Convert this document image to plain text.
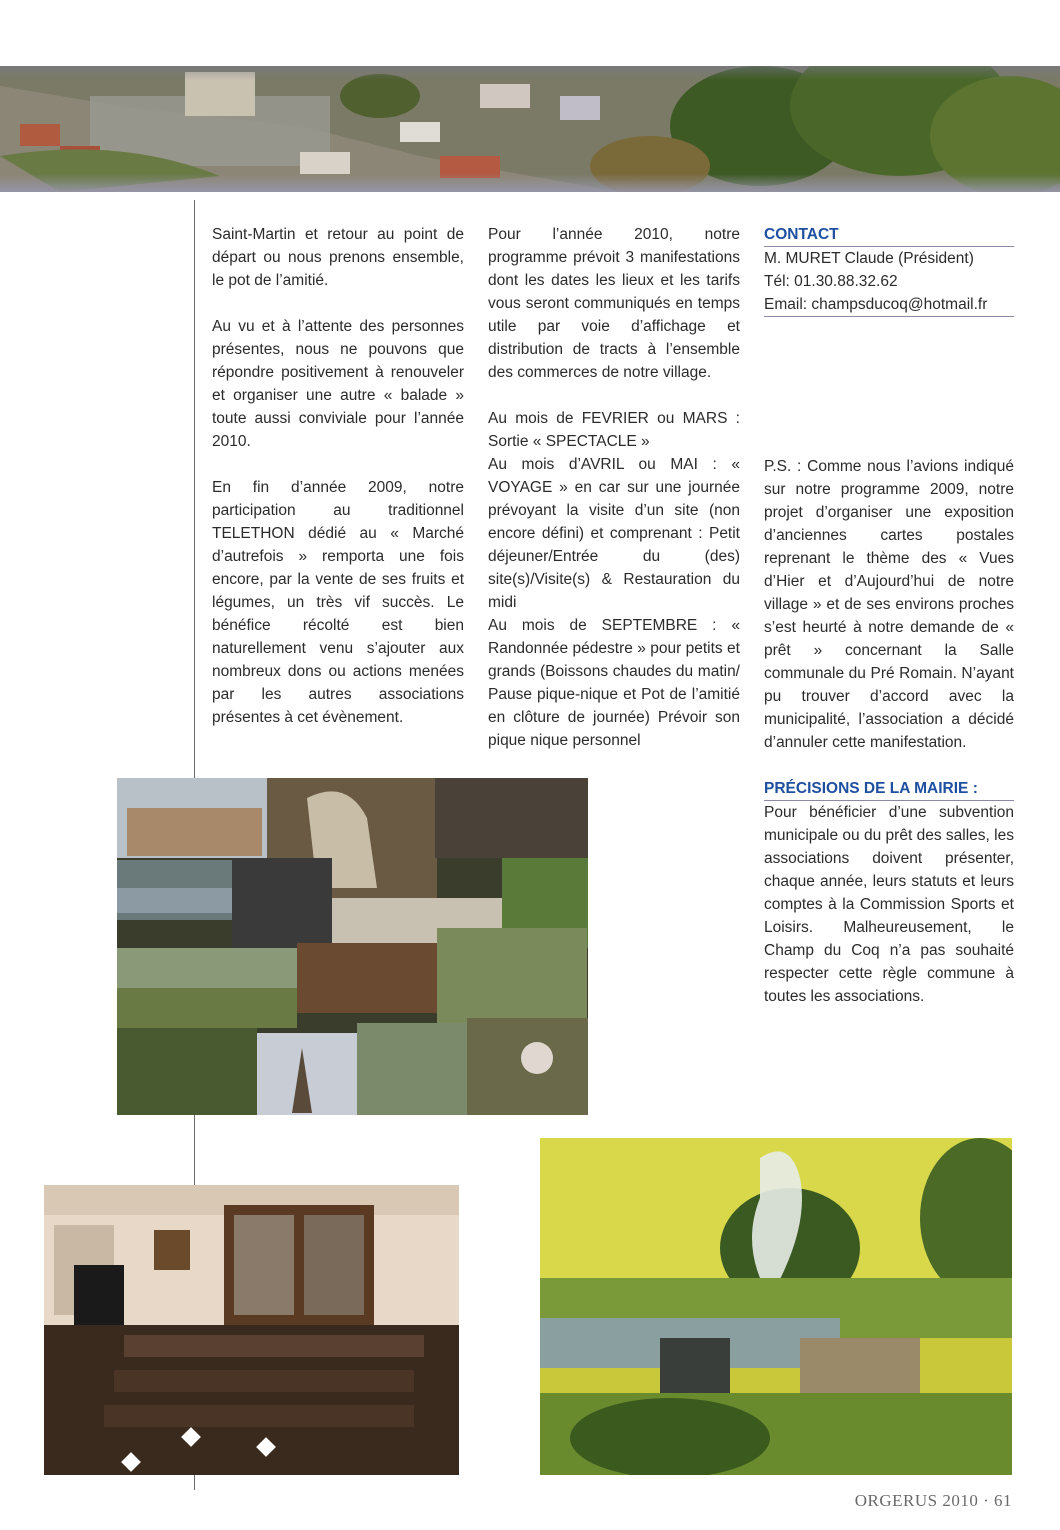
Saint-Martin et retour au point de départ ou nous prenons ensemble, le pot de l’amitié.

Au vu et à l’attente des personnes présentes, nous ne pouvons que répondre positivement à renouveler et organiser une autre « balade » toute aussi conviviale pour l’année 2010.

En fin d’année 2009, notre participation au traditionnel TELETHON dédié au « Marché d’autrefois » remporta une fois encore, par la vente de ses fruits et légumes, un très vif succès. Le bénéfice récolté est bien naturellement venu s’ajouter aux nombreux dons ou actions menées par les autres associations présentes à cet évènement.

Pour l’année 2010, notre programme prévoit 3 manifestations dont les dates les lieux et les tarifs vous seront communiqués en temps utile par voie d’affichage et distribution de tracts à l’ensemble des commerces de notre village.

Au mois de FEVRIER ou MARS : Sortie « SPECTACLE »

Au mois d’AVRIL ou MAI : « VOYAGE » en car sur une journée prévoyant la visite d’un site (non encore défini) et comprenant : Petit déjeuner/Entrée du (des) site(s)/Visite(s) & Restauration du midi

Au mois de SEPTEMBRE : « Randonnée pédestre » pour petits et grands (Boissons chaudes du matin/ Pause pique-nique et Pot de l’amitié en clôture de journée) Prévoir son pique nique personnel

CONTACT
M. MURET Claude (Président)
Tél: 01.30.88.32.62
Email: champsducoq@hotmail.fr

P.S. : Comme nous l’avions indiqué sur notre programme 2009, notre projet d’organiser une exposition d’anciennes cartes postales reprenant le thème des « Vues d’Hier et d’Aujourd’hui de notre village » et de ses environs proches s’est heurté à notre demande de « prêt » concernant la Salle communale du Pré Romain. N’ayant pu trouver d’accord avec la municipalité, l’association a décidé d’annuler cette manifestation.

PRÉCISIONS DE LA MAIRIE :

Pour bénéficier d’une subvention municipale ou du prêt des salles, les associations doivent présenter, chaque année, leurs statuts et leurs comptes à la Commission Sports et Loisirs. Malheureusement, le Champ du Coq n’a pas souhaité respecter cette règle commune à toutes les associations.

ORGERUS 2010 · 61
